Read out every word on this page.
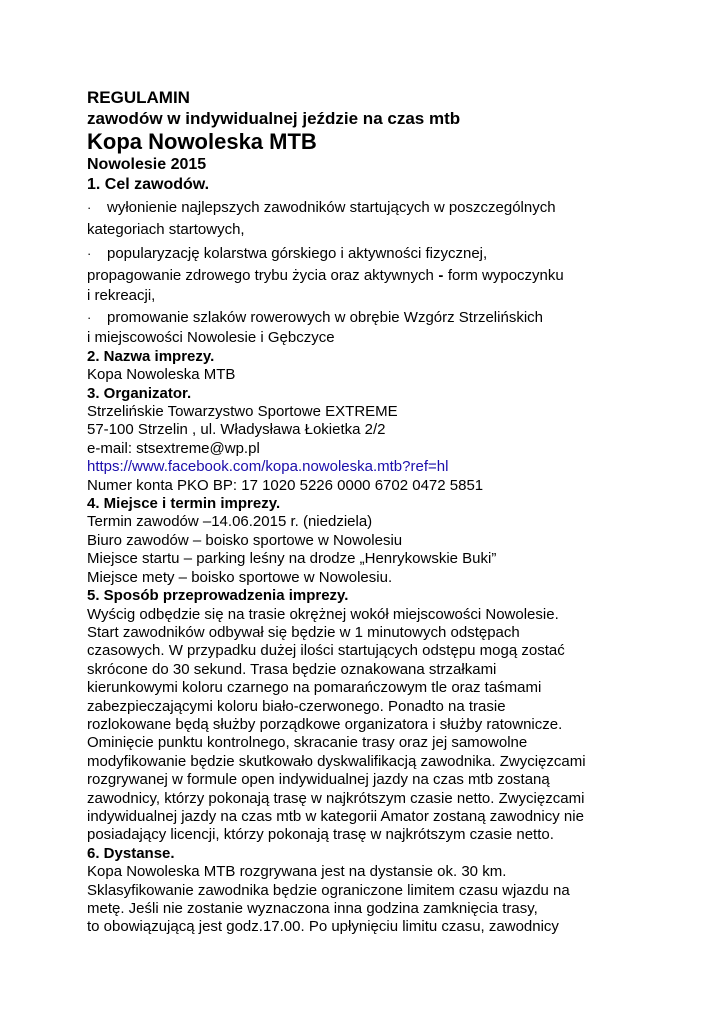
REGULAMIN
zawodów w indywidualnej jeździe na czas mtb
Kopa Nowoleska MTB
Nowolesie 2015
1. Cel zawodów.
·	wyłonienie najlepszych zawodników startujących w poszczególnych
kategoriach startowych,
·	popularyzację kolarstwa górskiego i aktywności fizycznej,
propagowanie zdrowego trybu życia oraz aktywnych - form wypoczynku
i rekreacji,
·	promowanie szlaków rowerowych w obrębie Wzgórz Strzelińskich
i miejscowości Nowolesie i Gębczyce
2. Nazwa imprezy.
Kopa Nowoleska MTB
3. Organizator.
Strzelińskie Towarzystwo Sportowe EXTREME
57-100 Strzelin , ul. Władysława Łokietka 2/2
e-mail: stsextreme@wp.pl
https://www.facebook.com/kopa.nowoleska.mtb?ref=hl
Numer konta PKO BP: 17 1020 5226 0000 6702 0472 5851
4. Miejsce i termin imprezy.
Termin zawodów –14.06.2015 r. (niedziela)
Biuro zawodów – boisko sportowe w Nowolesiu
Miejsce startu – parking leśny na drodze „Henrykowskie Buki”
Miejsce mety – boisko sportowe w Nowolesiu.
5. Sposób przeprowadzenia imprezy.
Wyścig odbędzie się na trasie okrężnej wokół miejscowości Nowolesie.
Start zawodników odbywał się będzie w 1 minutowych odstępach
czasowych. W przypadku dużej ilości startujących odstępu mogą zostać
skrócone do 30 sekund. Trasa będzie oznakowana strzałkami
kierunkowymi koloru czarnego na pomarańczowym tle oraz taśmami
zabezpieczającymi koloru biało-czerwonego. Ponadto na trasie
rozlokowane będą służby porządkowe organizatora i służby ratownicze.
Ominięcie punktu kontrolnego, skracanie trasy oraz jej samowolne
modyfikowanie będzie skutkowało dyskwalifikacją zawodnika. Zwycięzcami
rozgrywanej w formule open indywidualnej jazdy na czas mtb zostaną
zawodnicy, którzy pokonają trasę w najkrótszym czasie netto. Zwycięzcami
indywidualnej jazdy na czas mtb w kategorii Amator zostaną zawodnicy nie
posiadający licencji, którzy pokonają trasę w najkrótszym czasie netto.
6. Dystanse.
Kopa Nowoleska MTB rozgrywana jest na dystansie ok. 30 km.
Sklasyfikowanie zawodnika będzie ograniczone limitem czasu wjazdu na
metę. Jeśli nie zostanie wyznaczona inna godzina zamknięcia trasy,
to obowiązującą jest godz.17.00. Po upłynięciu limitu czasu, zawodnicy
